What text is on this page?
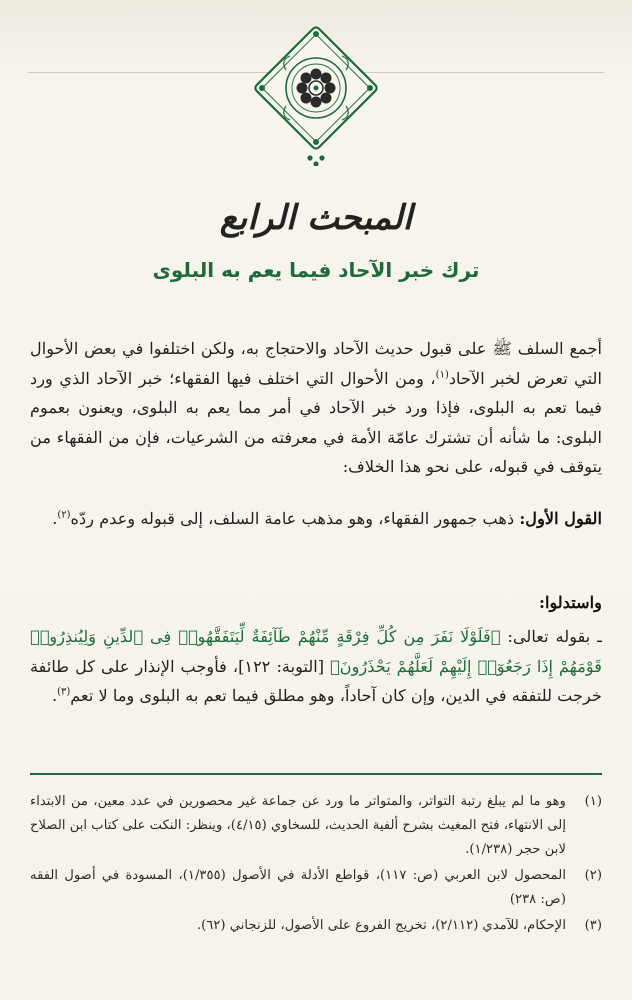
المبحث الرابع
ترك خبر الآحاد فيما يعم به البلوى

أجمع السلف ﷺ على قبول حديث الآحاد والاحتجاج به، ولكن اختلفوا في بعض الأحوال التي تعرض لخبر الآحاد$^{(١)}$، ومن الأحوال التي اختلف فيها الفقهاء؛ خبر الآحاد الذي ورد فيما تعم به البلوى، فإذا ورد خبر الآحاد في أمر مما يعم به البلوى، ويعنون بعموم البلوى: ما شأنه أن تشترك عامّة الأمة في معرفته من الشرعيات، فإن من الفقهاء من يتوقف في قبوله، على نحو هذا الخلاف:

القول الأول: ذهب جمهور الفقهاء، وهو مذهب عامة السلف، إلى قبوله وعدم ردّه$^{(٢)}$.

واستدلوا:

ـ بقوله تعالى: ﴿فَلَوْلَا نَفَرَ مِن كُلِّ فِرْقَةٍ مِّنْهُمْ طَآئِفَةٌ لِّيَتَفَقَّهُوا۟ فِى ٱلدِّينِ وَلِيُنذِرُوا۟ قَوْمَهُمْ إِذَا رَجَعُوٓا۟ إِلَيْهِمْ لَعَلَّهُمْ يَحْذَرُونَ﴾ [التوبة: ١٢٢]، فأوجب الإنذار على كل طائفة خرجت للتفقه في الدين، وإن كان آحاداً، وهو مطلق فيما تعم به البلوى وما لا تعم$^{(٣)}$.

(١)
وهو ما لم يبلغ رتبة التواتر، والمتواتر ما ورد عن جماعة غير محصورين في عدد معين، من الابتداء إلى الانتهاء، فتح المغيث بشرح ألفية الحديث، للسخاوي (٤/١٥)، وينظر: النكت على كتاب ابن الصلاح لابن حجر (١/٢٣٨).
(٢)
المحصول لابن العربي (ص: ١١٧)، قواطع الأدلة في الأصول (١/٣٥٥)، المسودة في أصول الفقه (ص: ٢٣٨)
(٣)
الإحكام، للآمدي (٢/١١٢)، تخريج الفروع على الأصول، للزنجاني (٦٢).
